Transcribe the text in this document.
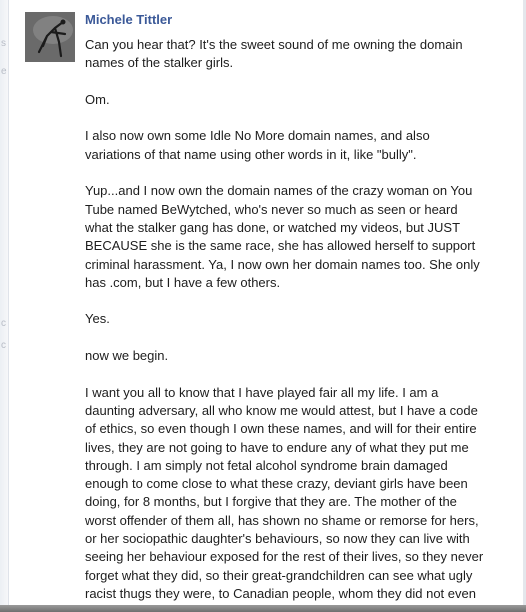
s
e
c
c
Michele Tittler

Can you hear that? It's the sweet sound of me owning the domain
names of the stalker girls.

Om.

I also now own some Idle No More domain names, and also
variations of that name using other words in it, like "bully".

Yup...and I now own the domain names of the crazy woman on You
Tube named BeWytched, who's never so much as seen or heard
what the stalker gang has done, or watched my videos, but JUST
BECAUSE she is the same race, she has allowed herself to support
criminal harassment. Ya, I now own her domain names too. She only
has .com, but I have a few others.

Yes.

now we begin.

I want you all to know that I have played fair all my life. I am a
daunting adversary, all who know me would attest, but I have a code
of ethics, so even though I own these names, and will for their entire
lives, they are not going to have to endure any of what they put me
through. I am simply not fetal alcohol syndrome brain damaged
enough to come close to what these crazy, deviant girls have been
doing, for 8 months, but I forgive that they are. The mother of the
worst offender of them all, has shown no shame or remorse for hers,
or her sociopathic daughter's behaviours, so now they can live with
seeing her behaviour exposed for the rest of their lives, so they never
forget what they did, so their great-grandchildren can see what ugly
racist thugs they were, to Canadian people, whom they did not even
